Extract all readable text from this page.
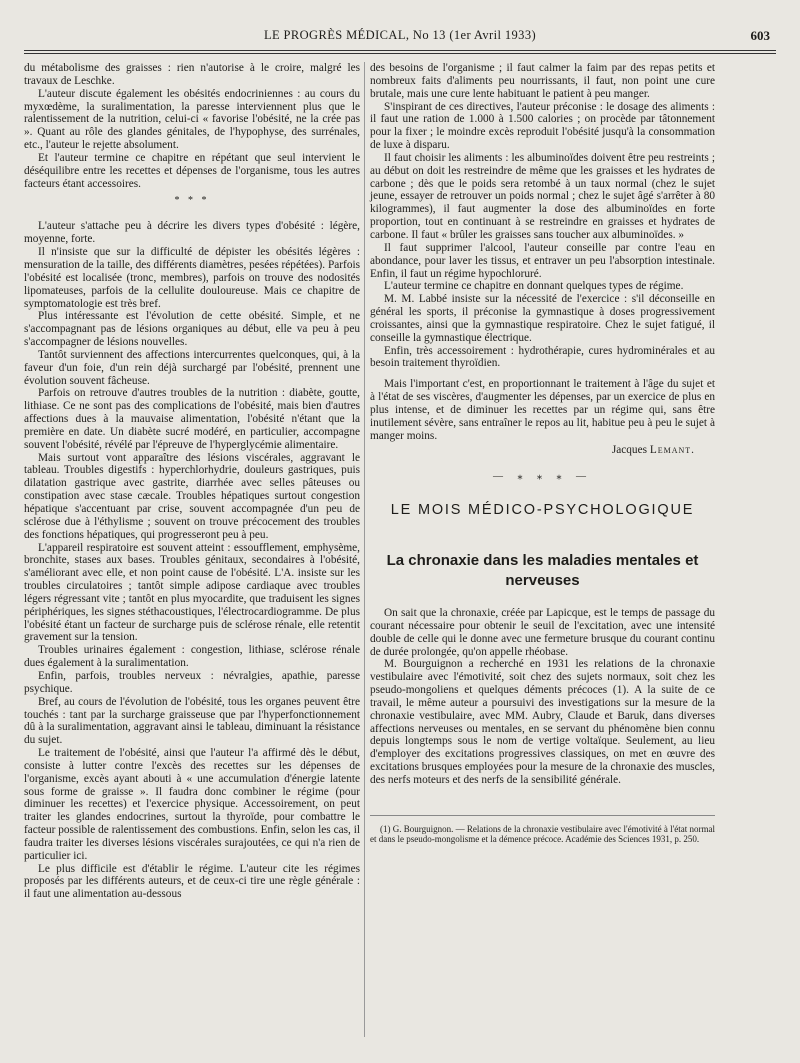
LE PROGRÈS MÉDICAL, No 13 (1er Avril 1933)	603

du métabolisme des graisses : rien n'autorise à le croire, malgré les travaux de Leschke.

L'auteur discute également les obésités endocriniennes : au cours du myxœdème, la suralimentation, la paresse interviennent plus que le ralentissement de la nutrition, celui-ci « favorise l'obésité, ne la crée pas ». Quant au rôle des glandes génitales, de l'hypophyse, des surrénales, etc., l'auteur le rejette absolument.

Et l'auteur termine ce chapitre en répétant que seul intervient le déséquilibre entre les recettes et dépenses de l'organisme, tous les autres facteurs étant accessoires.

* * *

L'auteur s'attache peu à décrire les divers types d'obésité : légère, moyenne, forte.

Il n'insiste que sur la difficulté de dépister les obésités légères : mensuration de la taille, des différents diamètres, pesées répétées). Parfois l'obésité est localisée (tronc, membres), parfois on trouve des nodosités lipomateuses, parfois de la cellulite douloureuse. Mais ce chapitre de symptomatologie est très bref.

Plus intéressante est l'évolution de cette obésité. Simple, et ne s'accompagnant pas de lésions organiques au début, elle va peu à peu s'accompagner de lésions nouvelles.

Tantôt surviennent des affections intercurrentes quelconques, qui, à la faveur d'un foie, d'un rein déjà surchargé par l'obésité, prennent une évolution souvent fâcheuse.

Parfois on retrouve d'autres troubles de la nutrition : diabète, goutte, lithiase. Ce ne sont pas des complications de l'obésité, mais bien d'autres affections dues à la mauvaise alimentation, l'obésité n'étant que la première en date. Un diabète sucré modéré, en particulier, accompagne souvent l'obésité, révélé par l'épreuve de l'hyperglycémie alimentaire.

Mais surtout vont apparaître des lésions viscérales, aggravant le tableau. Troubles digestifs : hyperchlorhydrie, douleurs gastriques, puis dilatation gastrique avec gastrite, diarrhée avec selles pâteuses ou constipation avec stase cæcale. Troubles hépatiques surtout congestion hépatique s'accentuant par crise, souvent accompagnée d'un peu de sclérose due à l'éthylisme ; souvent on trouve précocement des troubles des fonctions hépatiques, qui progresseront peu à peu.

L'appareil respiratoire est souvent atteint : essoufflement, emphysème, bronchite, stases aux bases. Troubles génitaux, secondaires à l'obésité, s'améliorant avec elle, et non point cause de l'obésité. L'A. insiste sur les troubles circulatoires ; tantôt simple adipose cardiaque avec troubles légers régressant vite ; tantôt en plus myocardite, que traduisent les signes périphériques, les signes stéthacoustiques, l'électrocardiogramme. De plus l'obésité étant un facteur de surcharge puis de sclérose rénale, elle retentit gravement sur la tension.

Troubles urinaires également : congestion, lithiase, sclérose rénale dues également à la suralimentation.

Enfin, parfois, troubles nerveux : névralgies, apathie, paresse psychique.

Bref, au cours de l'évolution de l'obésité, tous les organes peuvent être touchés : tant par la surcharge graisseuse que par l'hyperfonctionnement dû à la suralimentation, aggravant ainsi le tableau, diminuant la résistance du sujet.

Le traitement de l'obésité, ainsi que l'auteur l'a affirmé dès le début, consiste à lutter contre l'excès des recettes sur les dépenses de l'organisme, excès ayant abouti à « une accumulation d'énergie latente sous forme de graisse ». Il faudra donc combiner le régime (pour diminuer les recettes) et l'exercice physique. Accessoirement, on peut traiter les glandes endocrines, surtout la thyroïde, pour combattre le facteur possible de ralentissement des combustions. Enfin, selon les cas, il faudra traiter les diverses lésions viscérales surajoutées, ce qui n'a rien de particulier ici.

Le plus difficile est d'établir le régime. L'auteur cite les régimes proposés par les différents auteurs, et de ceux-ci tire une règle générale : il faut une alimentation au-dessous

des besoins de l'organisme ; il faut calmer la faim par des repas petits et nombreux faits d'aliments peu nourrissants, il faut, non point une cure brutale, mais une cure lente habituant le patient à peu manger.

S'inspirant de ces directives, l'auteur préconise : le dosage des aliments : il faut une ration de 1.000 à 1.500 calories ; on procède par tâtonnement pour la fixer ; le moindre excès reproduit l'obésité jusqu'à la consommation de luxe à disparu.

Il faut choisir les aliments : les albuminoïdes doivent être peu restreints ; au début on doit les restreindre de même que les graisses et les hydrates de carbone ; dès que le poids sera retombé à un taux normal (chez le sujet jeune, essayer de retrouver un poids normal ; chez le sujet âgé s'arrêter à 80 kilogrammes), il faut augmenter la dose des albuminoïdes en forte proportion, tout en continuant à se restreindre en graisses et hydrates de carbone. Il faut « brûler les graisses sans toucher aux albuminoïdes. »

Il faut supprimer l'alcool, l'auteur conseille par contre l'eau en abondance, pour laver les tissus, et entraver un peu l'absorption intestinale. Enfin, il faut un régime hypochloruré.

L'auteur termine ce chapitre en donnant quelques types de régime.

M. M. Labbé insiste sur la nécessité de l'exercice : s'il déconseille en général les sports, il préconise la gymnastique à doses progressivement croissantes, ainsi que la gymnastique respiratoire. Chez le sujet fatigué, il conseille la gymnastique électrique.

Enfin, très accessoirement : hydrothérapie, cures hydrominérales et au besoin traitement thyroïdien.

Mais l'important c'est, en proportionnant le traitement à l'âge du sujet et à l'état de ses viscères, d'augmenter les dépenses, par un exercice de plus en plus intense, et de diminuer les recettes par un régime qui, sans être inutilement sévère, sans entraîner le repos au lit, habitue peu à peu le sujet à manger moins.

Jacques Lemant.
— ⁎ ⁎ ⁎ —
LE MOIS MÉDICO-PSYCHOLOGIQUE
La chronaxie dans les maladies mentales et nerveuses

On sait que la chronaxie, créée par Lapicque, est le temps de passage du courant nécessaire pour obtenir le seuil de l'excitation, avec une intensité double de celle qui le donne avec une fermeture brusque du courant continu de durée prolongée, qu'on appelle rhéobase.

M. Bourguignon a recherché en 1931 les relations de la chronaxie vestibulaire avec l'émotivité, soit chez des sujets normaux, soit chez les pseudo-mongoliens et quelques déments précoces (1). A la suite de ce travail, le même auteur a poursuivi des investigations sur la mesure de la chronaxie vestibulaire, avec MM. Aubry, Claude et Baruk, dans diverses affections nerveuses ou mentales, en se servant du phénomène bien connu depuis longtemps sous le nom de vertige voltaïque. Seulement, au lieu d'employer des excitations progressives classiques, on met en œuvre des excitations brusques employées pour la mesure de la chronaxie des muscles, des nerfs moteurs et des nerfs de la sensibilité générale.

(1) G. Bourguignon. — Relations de la chronaxie vestibulaire avec l'émotivité à l'état normal et dans le pseudo-mongolisme et la démence précoce. Académie des Sciences 1931, p. 250.
